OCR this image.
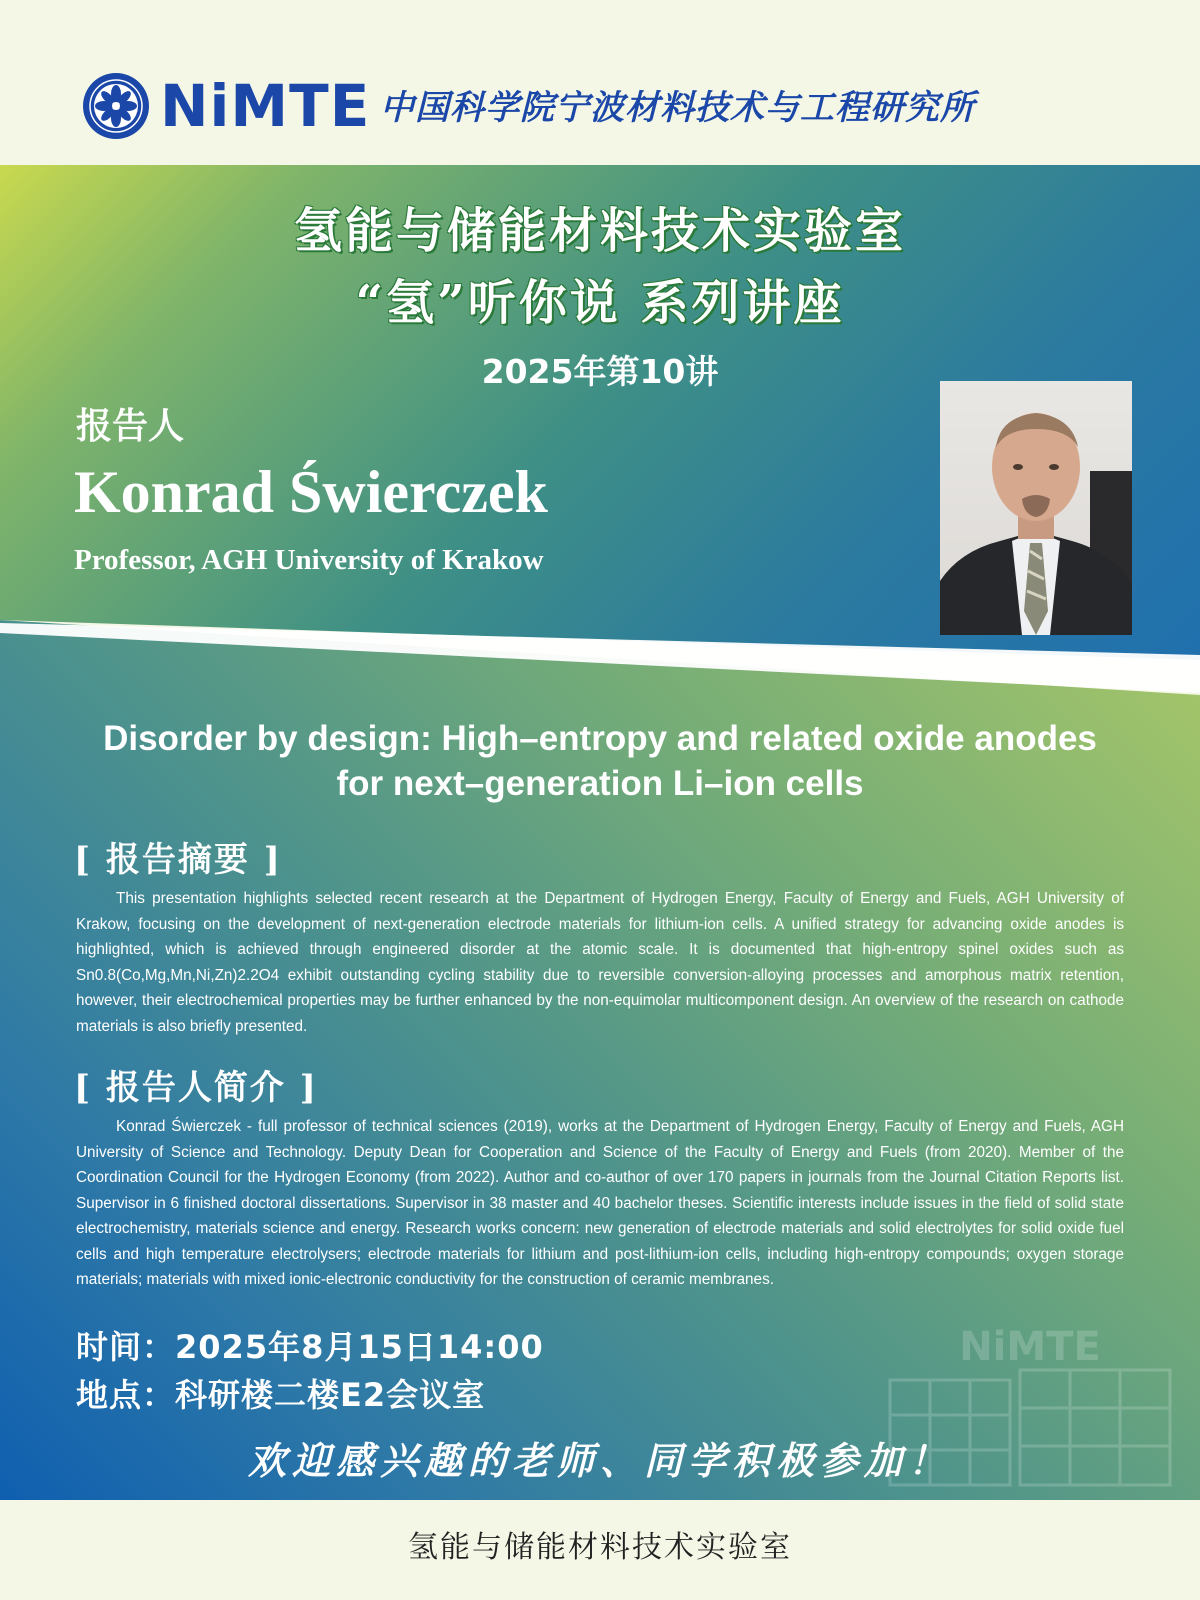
NiMTE 中国科学院宁波材料技术与工程研究所
氢能与储能材料技术实验室
“氢”听你说 系列讲座
2025年第10讲
报告人
Konrad Świerczek
Professor, AGH University of Krakow
Disorder by design: High–entropy and related oxide anodes
for next–generation Li–ion cells
[ 报告摘要 ]

This presentation highlights selected recent research at the Department of Hydrogen Energy, Faculty of Energy and Fuels, AGH University of Krakow, focusing on the development of next-generation electrode materials for lithium-ion cells. A unified strategy for advancing oxide anodes is highlighted, which is achieved through engineered disorder at the atomic scale. It is documented that high-entropy spinel oxides such as Sn0.8(Co,Mg,Mn,Ni,Zn)2.2O4 exhibit outstanding cycling stability due to reversible conversion-alloying processes and amorphous matrix retention, however, their electrochemical properties may be further enhanced by the non-equimolar multicomponent design. An overview of the research on cathode materials is also briefly presented.

[ 报告人简介 ]

Konrad Świerczek - full professor of technical sciences (2019), works at the Department of Hydrogen Energy, Faculty of Energy and Fuels, AGH University of Science and Technology. Deputy Dean for Cooperation and Science of the Faculty of Energy and Fuels (from 2020). Member of the Coordination Council for the Hydrogen Economy (from 2022). Author and co-author of over 170 papers in journals from the Journal Citation Reports list. Supervisor in 6 finished doctoral dissertations. Supervisor in 38 master and 40 bachelor theses. Scientific interests include issues in the field of solid state electrochemistry, materials science and energy. Research works concern: new generation of electrode materials and solid electrolytes for solid oxide fuel cells and high temperature electrolysers; electrode materials for lithium and post-lithium-ion cells, including high-entropy compounds; oxygen storage materials; materials with mixed ionic-electronic conductivity for the construction of ceramic membranes.

NiMTE
时间：2025年8月15日14:00
地点：科研楼二楼E2会议室
欢迎感兴趣的老师、同学积极参加！
氢能与储能材料技术实验室
